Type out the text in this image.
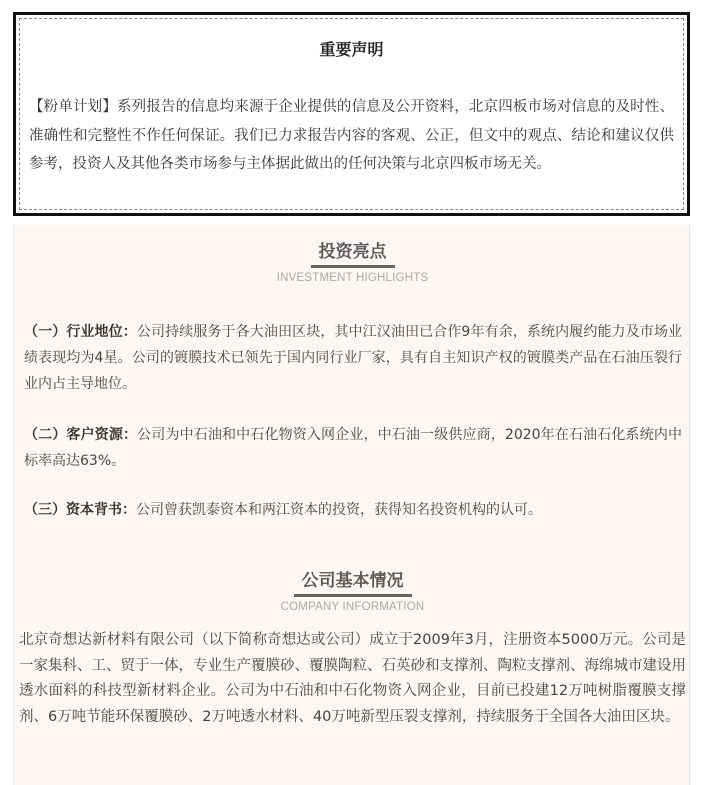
重要声明

【粉单计划】系列报告的信息均来源于企业提供的信息及公开资料，北京四板市场对信息的及时性、准确性和完整性不作任何保证。我们已力求报告内容的客观、公正，但文中的观点、结论和建议仅供参考，投资人及其他各类市场参与主体据此做出的任何决策与北京四板市场无关。

投资亮点
INVESTMENT HIGHLIGHTS

（一）行业地位：公司持续服务于各大油田区块，其中江汉油田已合作9年有余，系统内履约能力及市场业绩表现均为4星。公司的镀膜技术已领先于国内同行业厂家，具有自主知识产权的镀膜类产品在石油压裂行业内占主导地位。

（二）客户资源：公司为中石油和中石化物资入网企业，中石油一级供应商，2020年在石油石化系统内中标率高达63%。

（三）资本背书：公司曾获凯泰资本和两江资本的投资，获得知名投资机构的认可。

公司基本情况
COMPANY INFORMATION

北京奇想达新材料有限公司（以下简称奇想达或公司）成立于2009年3月，注册资本5000万元。公司是一家集科、工、贸于一体，专业生产覆膜砂、覆膜陶粒、石英砂和支撑剂、陶粒支撑剂、海绵城市建设用透水面料的科技型新材料企业。公司为中石油和中石化物资入网企业，目前已投建12万吨树脂覆膜支撑剂、6万吨节能环保覆膜砂、2万吨透水材料、40万吨新型压裂支撑剂，持续服务于全国各大油田区块。
